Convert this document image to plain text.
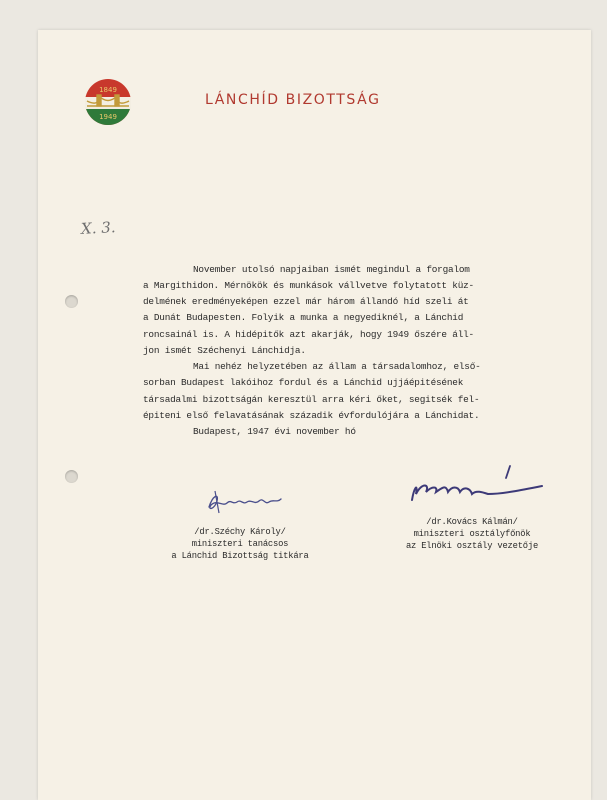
1849
1949
LÁNCHÍD BIZOTTSÁG
X. 3.
November utolsó napjaiban ismét megindul a forgalom
a Margithidon. Mérnökök és munkások vállvetve folytatott küz-
delmének eredményeképen ezzel már három állandó híd szeli át
a Dunát Budapesten. Folyik a munka a negyediknél, a Lánchid
roncsainál is. A hidépitők azt akarják, hogy 1949 őszére áll-
jon ismét Széchenyi Lánchidja.
Mai nehéz helyzetében az állam a társadalomhoz, első-
sorban Budapest lakóihoz fordul és a Lánchid ujjáépitésének
társadalmi bizottságán keresztül arra kéri őket, segitsék fel-
épiteni első felavatásának századik évfordulójára a Lánchidat.
Budapest, 1947 évi november hó
/dr.Széchy Károly/
miniszteri tanácsos
a Lánchid Bizottság titkára
/dr.Kovács Kálmán/
miniszteri osztályfőnök
az Elnöki osztály vezetője
